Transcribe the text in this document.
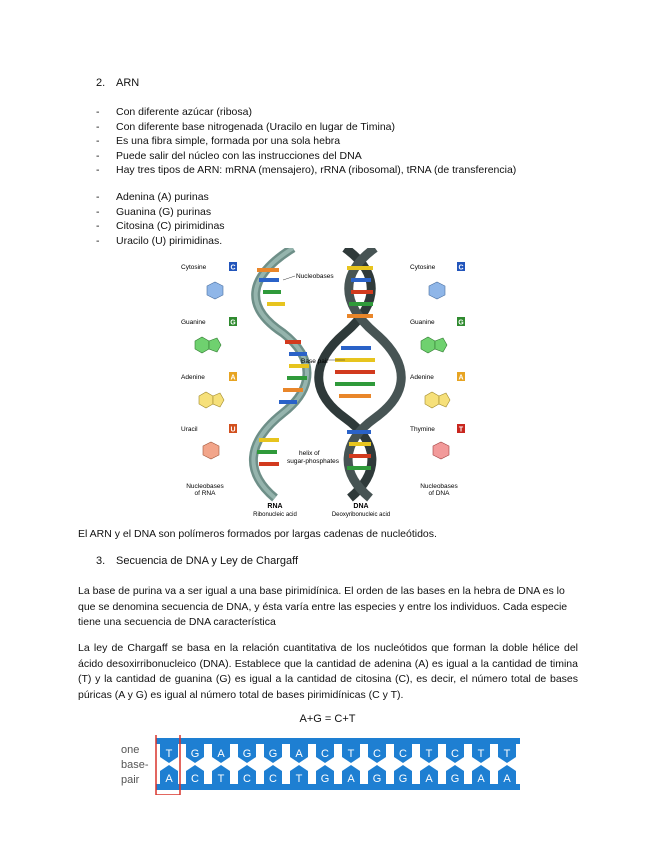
2. ARN
- Con diferente azúcar (ribosa)
- Con diferente base nitrogenada (Uracilo en lugar de Timina)
- Es una fibra simple, formada por una sola hebra
- Puede salir del núcleo con las instrucciones del DNA
- Hay tres tipos de ARN: mRNA (mensajero), rRNA (ribosomal), tRNA (de transferencia)
- Adenina (A) purinas
- Guanina (G) purinas
- Citosina (C) pirimidinas
- Uracilo (U) pirimidinas.
Cytosine	C
Guanine	G
Adenine	A
Uracil	U
Nucleobases
of RNA
Nucleobases
Base pair
helix of
sugar-phosphates
RNA
Ribonucleic acid
DNA
Deoxyribonucleic acid
Cytosine	C
Guanine	G
Adenine	A
Thymine	T
Nucleobases
of DNA
El ARN y el DNA son polímeros formados por largas cadenas de nucleótidos.
3. Secuencia de DNA y Ley de Chargaff
La base de purina va a ser igual a una base pirimidínica. El orden de las bases en la hebra de DNA es lo que se denomina secuencia de DNA, y ésta varía entre las especies y entre los individuos. Cada especie tiene una secuencia de DNA característica
La ley de Chargaff se basa en la relación cuantitativa de los nucleótidos que forman la doble hélice del ácido desoxirribonucleico (DNA). Establece que la cantidad de adenina (A) es igual a la cantidad de timina (T) y la cantidad de guanina (G) es igual a la cantidad de citosina (C), es decir, el número total de bases púricas (A y G) es igual al número total de bases pirimidínicas (C y T).
A+G = C+T
one
base-
pair
T
A
G
C
A
T
G
C
G
C
A
T
C
G
T
A
C
G
C
G
T
A
C
G
T
A
T
A
